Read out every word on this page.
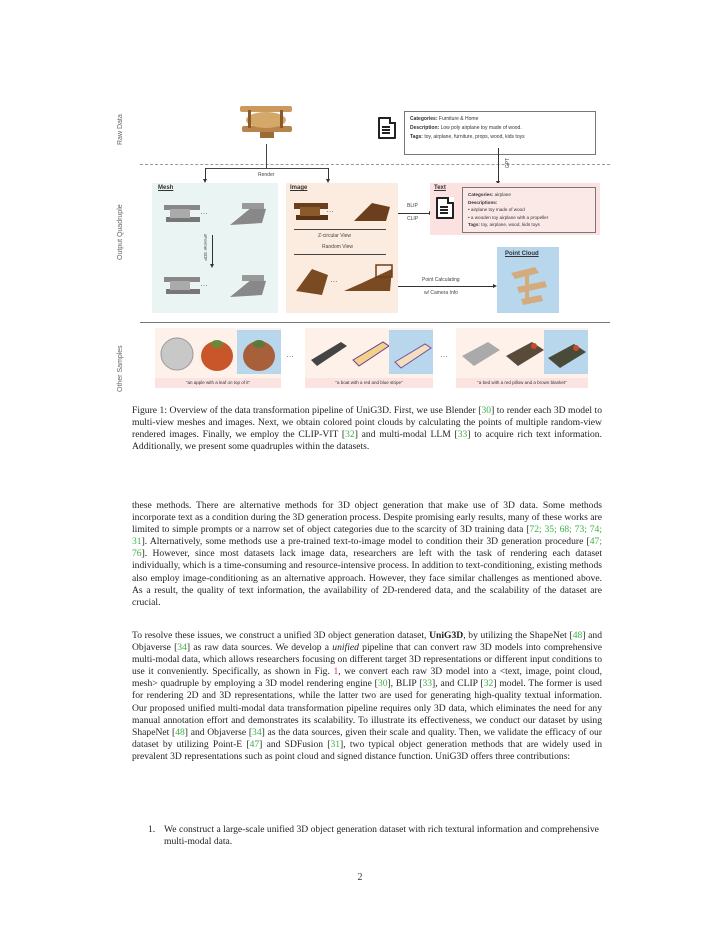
Raw Data
Output Quadruple
Other Samples
Categories: Furniture & Home
Description: Low poly airplane toy made of wood.
Tags: toy, airplane, furniture, props, wood, kids toys
Render
GPT
Mesh
…
xFormer SDF
…
Image
…
Z-circular View
Random View
…
BLIP
CLIP
Text
Categories: airplane
Descriptions:
• airplane toy made of wood
• a wooden toy airplane with a propeller
Tags: toy, airplane, wood, kids toys
Point Calculating
w/ Camera Info
Point Cloud
"an apple with a leaf on top of it"
…
"a boat with a red and blue stripe"
…
"a bed with a red pillow and a brown blanket"
Figure 1: Overview of the data transformation pipeline of UniG3D. First, we use Blender [30] to render each 3D model to multi-view meshes and images. Next, we obtain colored point clouds by calculating the points of multiple random-view rendered images. Finally, we employ the CLIP-VIT [32] and multi-modal LLM [33] to acquire rich text information. Additionally, we present some quadruples within the datasets.
these methods. There are alternative methods for 3D object generation that make use of 3D data. Some methods incorporate text as a condition during the 3D generation process. Despite promising early results, many of these works are limited to simple prompts or a narrow set of object categories due to the scarcity of 3D training data [72; 35; 68; 73; 74; 31]. Alternatively, some methods use a pre-trained text-to-image model to condition their 3D generation procedure [47; 76]. However, since most datasets lack image data, researchers are left with the task of rendering each dataset individually, which is a time-consuming and resource-intensive process. In addition to text-conditioning, existing methods also employ image-conditioning as an alternative approach. However, they face similar challenges as mentioned above. As a result, the quality of text information, the availability of 2D-rendered data, and the scalability of the dataset are crucial.
To resolve these issues, we construct a unified 3D object generation dataset, UniG3D, by utilizing the ShapeNet [48] and Objaverse [34] as raw data sources. We develop a unified pipeline that can convert raw 3D models into comprehensive multi-modal data, which allows researchers focusing on different target 3D representations or different input conditions to use it conveniently. Specifically, as shown in Fig. 1, we convert each raw 3D model into a <text, image, point cloud, mesh> quadruple by employing a 3D model rendering engine [30], BLIP [33], and CLIP [32] model. The former is used for rendering 2D and 3D representations, while the latter two are used for generating high-quality textual information. Our proposed unified multi-modal data transformation pipeline requires only 3D data, which eliminates the need for any manual annotation effort and demonstrates its scalability. To illustrate its effectiveness, we conduct our dataset by using ShapeNet [48] and Objaverse [34] as the data sources, given their scale and quality. Then, we validate the efficacy of our dataset by utilizing Point-E [47] and SDFusion [31], two typical object generation methods that are widely used in prevalent 3D representations such as point cloud and signed distance function. UniG3D offers three contributions:
1. We construct a large-scale unified 3D object generation dataset with rich textural information and comprehensive multi-modal data.
2
